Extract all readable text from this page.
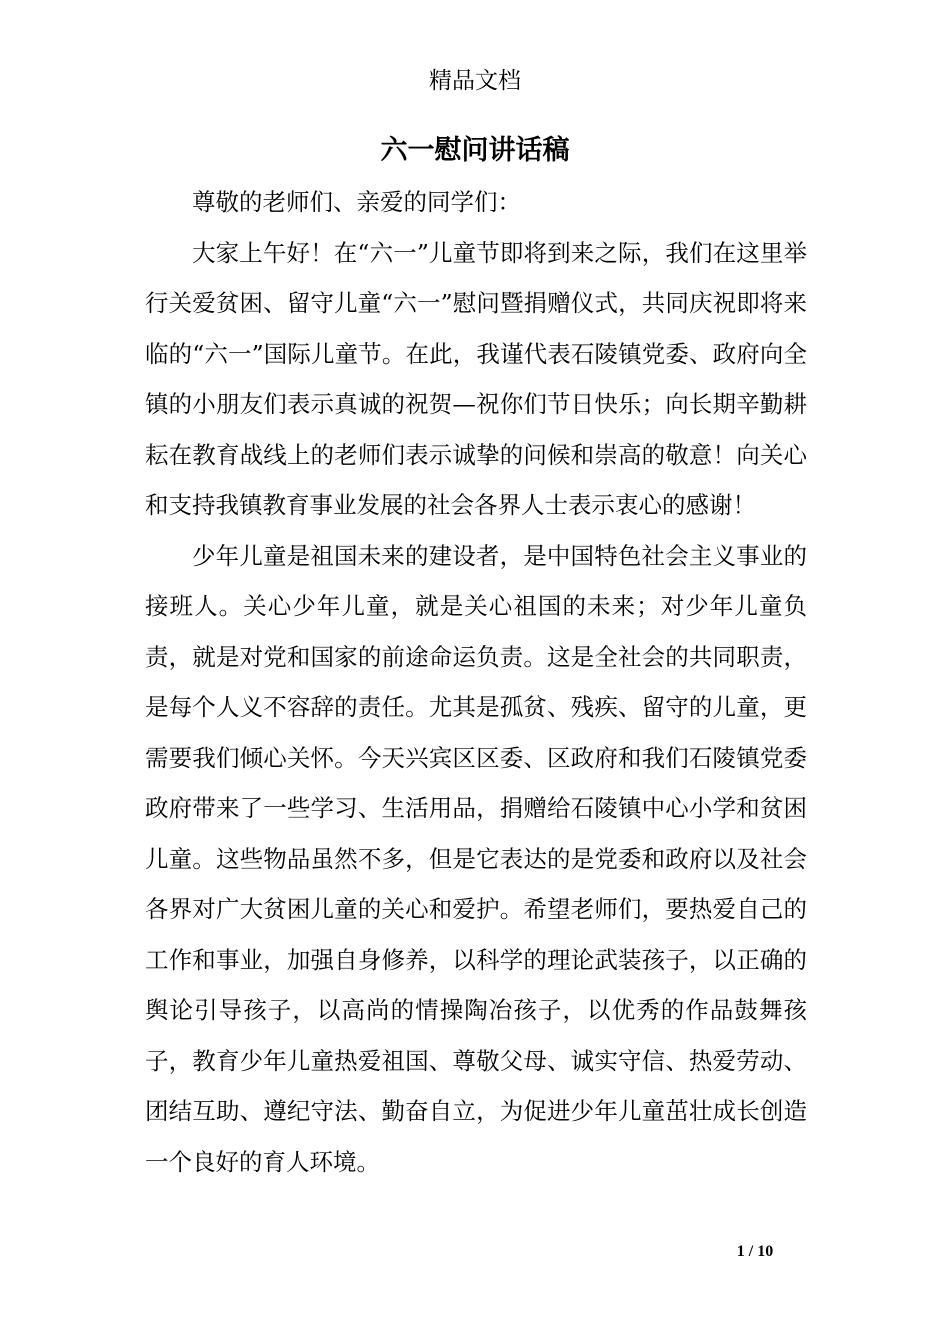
精品文档
六一慰问讲话稿

尊敬的老师们、亲爱的同学们：

大家上午好！在“六一”儿童节即将到来之际，我们在这里举行关爱贫困、留守儿童“六一”慰问暨捐赠仪式，共同庆祝即将来临的“六一”国际儿童节。在此，我谨代表石陵镇党委、政府向全镇的小朋友们表示真诚的祝贺—祝你们节日快乐；向长期辛勤耕耘在教育战线上的老师们表示诚挚的问候和崇高的敬意！向关心和支持我镇教育事业发展的社会各界人士表示衷心的感谢！

少年儿童是祖国未来的建设者，是中国特色社会主义事业的接班人。关心少年儿童，就是关心祖国的未来；对少年儿童负责，就是对党和国家的前途命运负责。这是全社会的共同职责，是每个人义不容辞的责任。尤其是孤贫、残疾、留守的儿童，更需要我们倾心关怀。今天兴宾区区委、区政府和我们石陵镇党委政府带来了一些学习、生活用品，捐赠给石陵镇中心小学和贫困儿童。这些物品虽然不多，但是它表达的是党委和政府以及社会各界对广大贫困儿童的关心和爱护。希望老师们，要热爱自己的工作和事业，加强自身修养，以科学的理论武装孩子，以正确的舆论引导孩子，以高尚的情操陶冶孩子，以优秀的作品鼓舞孩子，教育少年儿童热爱祖国、尊敬父母、诚实守信、热爱劳动、团结互助、遵纪守法、勤奋自立，为促进少年儿童茁壮成长创造一个良好的育人环境。

1 / 10
